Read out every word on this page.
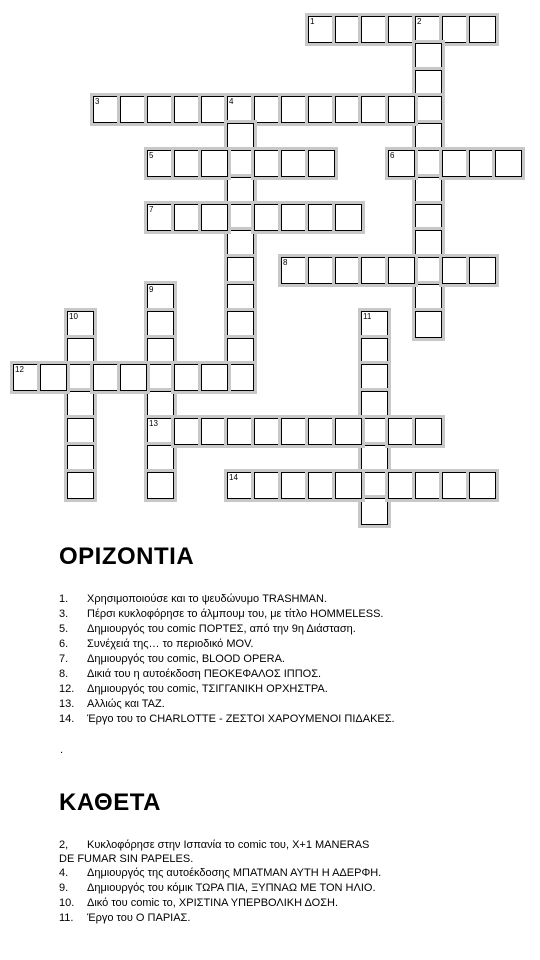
1	2
3	4
5	6
7
8
9
13
10	11
12
14
ΟΡΙΖΟΝΤΙΑ
1. Χρησιμοποιούσε και το ψευδώνυμο TRASHMAN.
3. Πέρσι κυκλοφόρησε το άλμπουμ του, με τίτλο HOMMELESS.
5. Δημιουργός του comic ΠΟΡΤΕΣ, από την 9η Διάσταση.
6. Συνέχειά της… το περιοδικό ΜΟV.
7. Δημιουργός του comic, BLOOD OPERA.
8. Δικιά του η αυτοέκδοση ΠΕΟΚΕΦΑΛΟΣ ΙΠΠΟΣ.
12. Δημιουργός του comic, ΤΣΙΓΓΑΝΙΚΗ ΟΡΧΗΣΤΡΑ.
13. Αλλιώς και ΤΑΖ.
14. Έργο του το CHARLOTTE - ΖΕΣΤΟΙ ΧΑΡΟΥΜΕΝΟΙ ΠΙΔΑΚΕΣ.
.
ΚΑΘΕΤΑ
2, Κυκλοφόρησε στην Ισπανία το comic του, X+1 MANERAS
DE FUMAR SIN PAPELES.
4. Δημιουργός της αυτοέκδοσης ΜΠΑΤΜΑΝ ΑΥΤΗ Η ΑΔΕΡΦΗ.
9. Δημιουργός του κόμικ ΤΩΡΑ ΠΙΑ, ΞΥΠΝΑΩ ΜΕ ΤΟΝ ΗΛΙΟ.
10. Δικό του comic το, ΧΡΙΣΤΙΝΑ ΥΠΕΡΒΟΛΙΚΗ ΔΟΣΗ.
11. Έργο του Ο ΠΑΡΙΑΣ.
